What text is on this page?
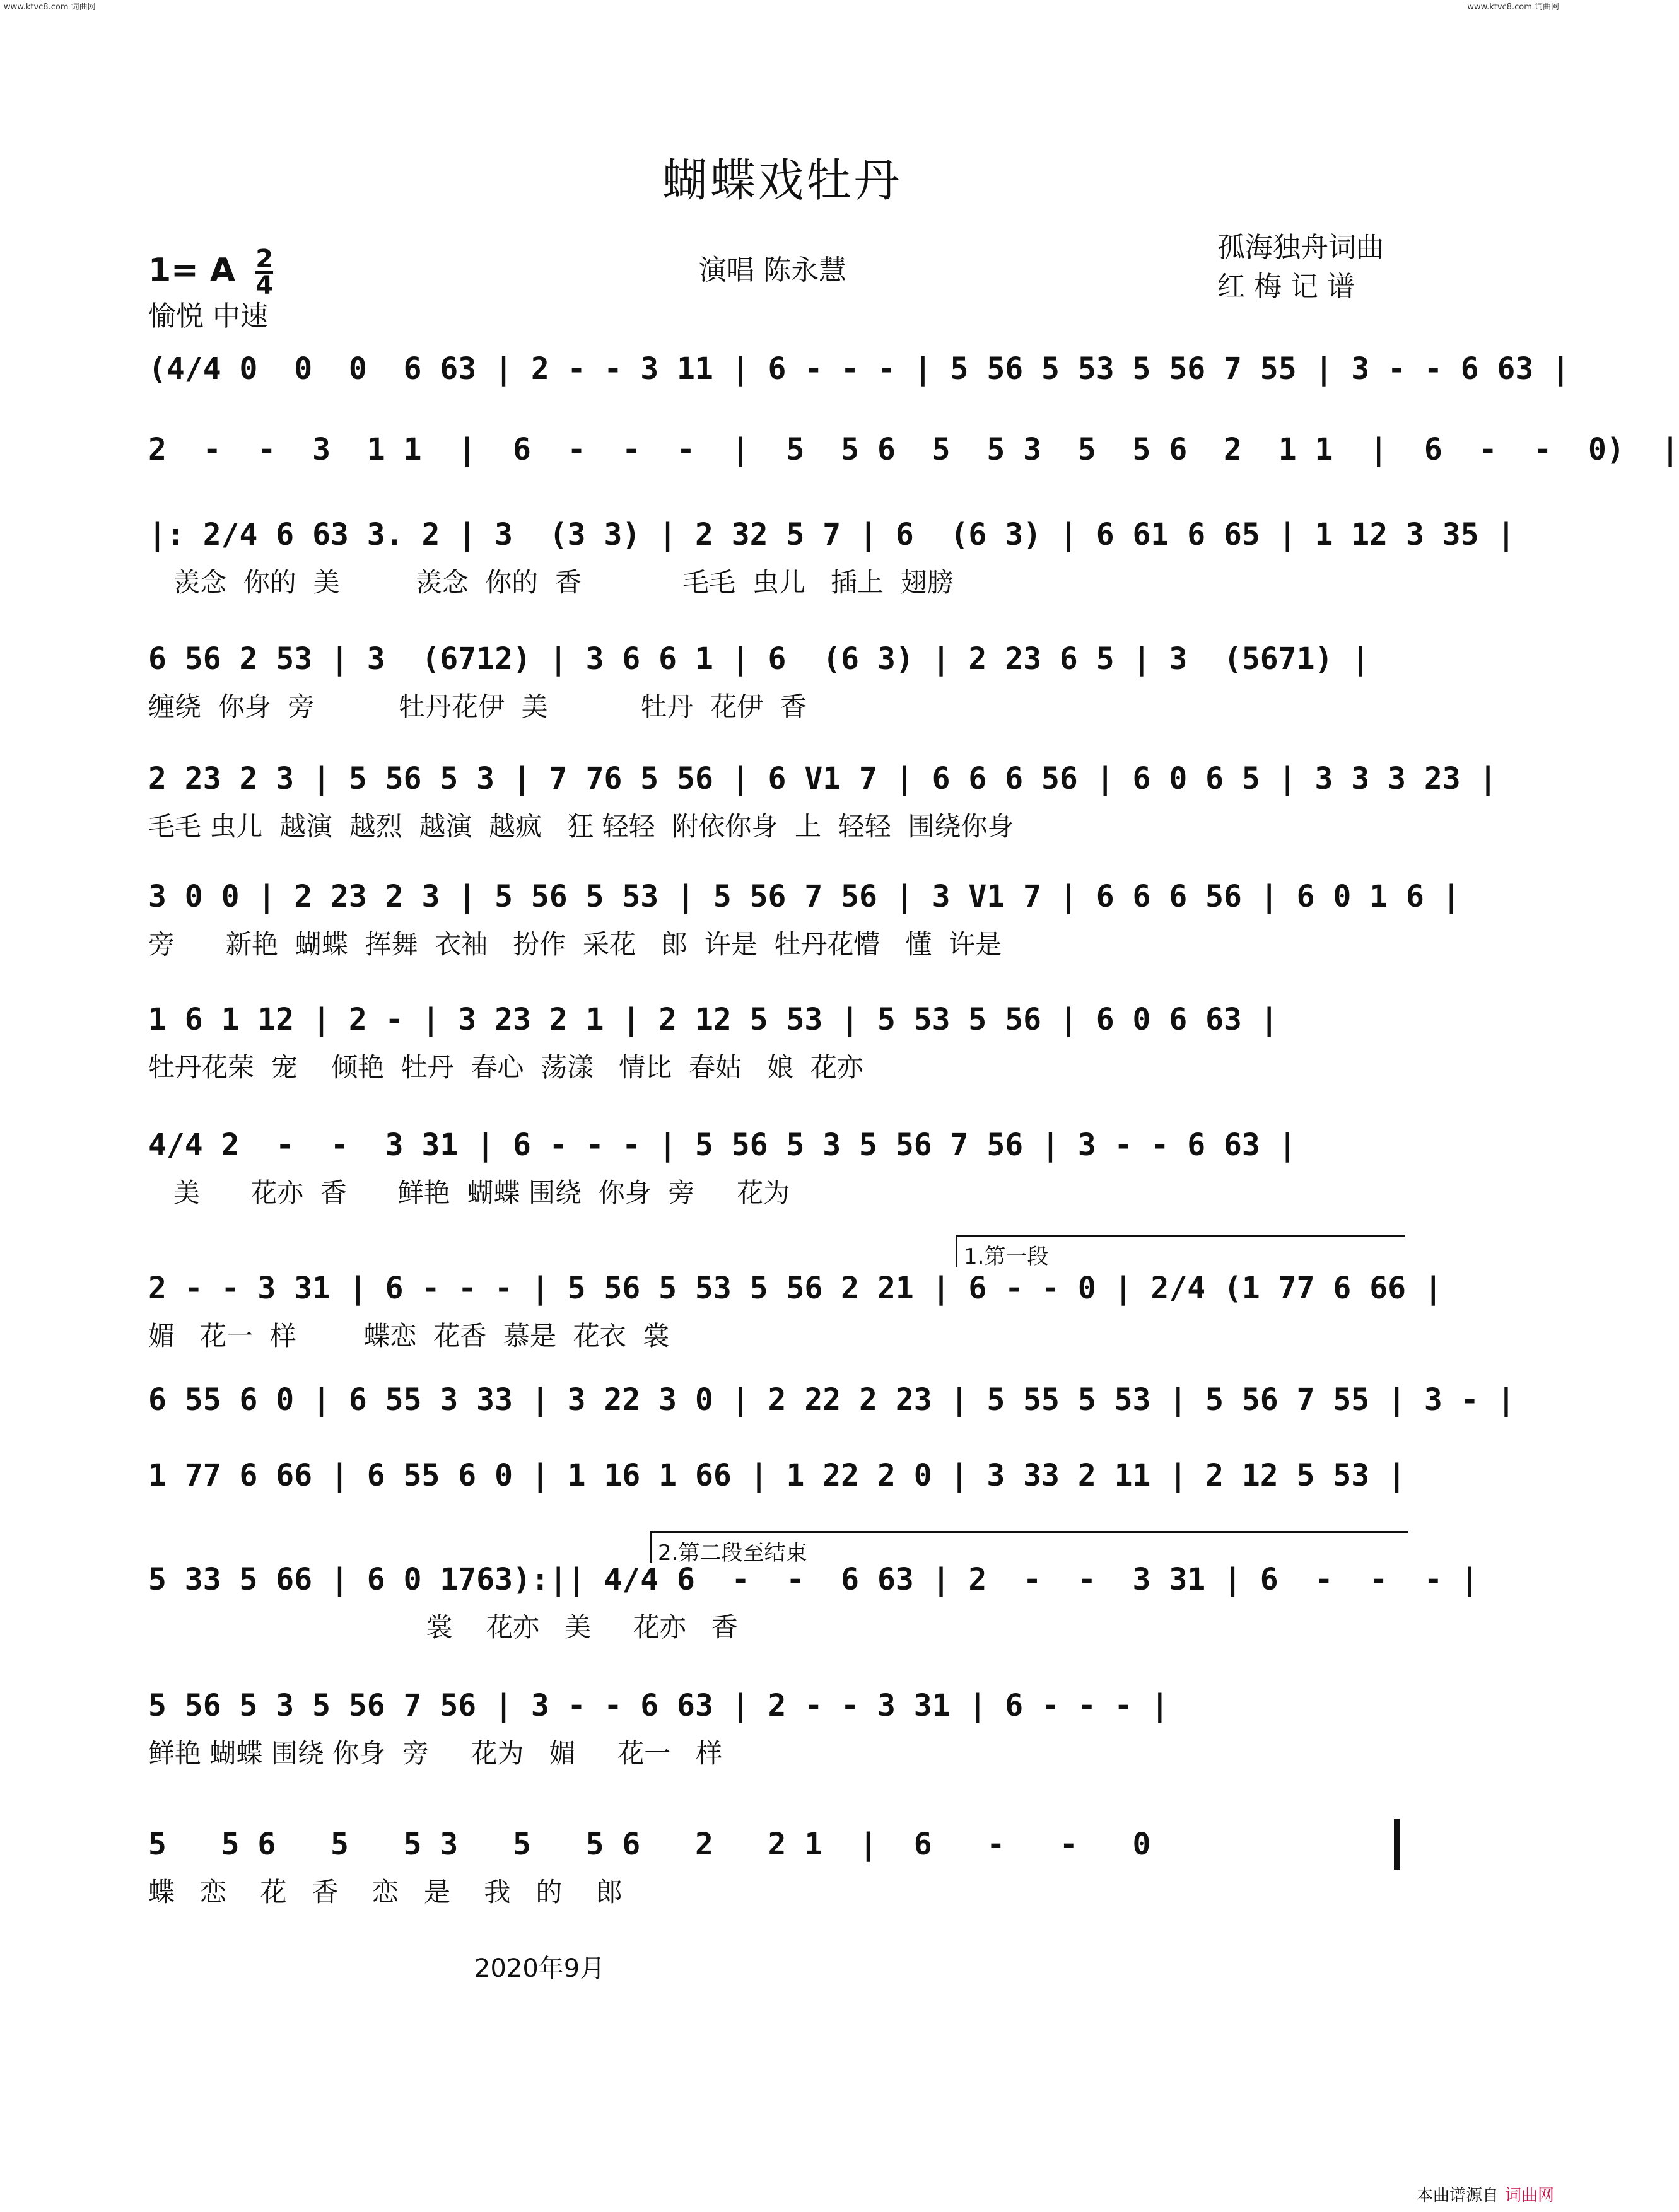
www.ktvc8.com 词曲网	www.ktvc8.com 词曲网
蝴蝶戏牡丹
1= A $\frac{2}{4}$
愉悦 中速
演唱 陈永慧
孤海独舟词曲
红 梅 记 谱
(4/4 0  0  0  6 63 | 2 - - 3 11 | 6 - - - | 5 56 5 53 5 56 7 55 | 3 - - 6 63 |
2  -  -  3  1 1  |  6  -  -  -  |  5  5 6  5  5 3  5  5 6  2  1 1  |  6  -  -  0)  |
|: 2/4 6 63 3. 2 | 3  (3 3) | 2 32 5 7 | 6  (6 3) | 6 61 6 65 | 1 12 3 35 |
羡念  你的  美         羡念  你的  香            毛毛  虫儿   插上  翅膀
6 56 2 53 | 3  (6712) | 3 6 6 1 | 6  (6 3) | 2 23 6 5 | 3  (5671) |
缠绕  你身  旁          牡丹花伊  美           牡丹  花伊  香
2 23 2 3 | 5 56 5 3 | 7 76 5 56 | 6 V1 7 | 6 6 6 56 | 6 0 6 5 | 3 3 3 23 |
毛毛 虫儿  越演  越烈  越演  越疯   狂 轻轻  附依你身  上  轻轻  围绕你身
3 0 0 | 2 23 2 3 | 5 56 5 53 | 5 56 7 56 | 3 V1 7 | 6 6 6 56 | 6 0 1 6 |
旁      新艳  蝴蝶  挥舞  衣袖   扮作  采花   郎  许是  牡丹花懵   懂  许是
1 6 1 12 | 2 - | 3 23 2 1 | 2 12 5 53 | 5 53 5 56 | 6 0 6 63 |
牡丹花荣  宠    倾艳  牡丹  春心  荡漾   情比  春姑   娘  花亦
4/4 2  -  -  3 31 | 6 - - - | 5 56 5 3 5 56 7 56 | 3 - - 6 63 |
美      花亦  香      鲜艳  蝴蝶 围绕  你身  旁     花为
1.第一段
2 - - 3 31 | 6 - - - | 5 56 5 53 5 56 2 21 | 6 - - 0 | 2/4 (1 77 6 66 |
媚   花一  样        蝶恋  花香  慕是  花衣  裳
6 55 6 0 | 6 55 3 33 | 3 22 3 0 | 2 22 2 23 | 5 55 5 53 | 5 56 7 55 | 3 - |
1 77 6 66 | 6 55 6 0 | 1 16 1 66 | 1 22 2 0 | 3 33 2 11 | 2 12 5 53 |
2.第二段至结束
5 33 5 66 | 6 0 1763):|| 4/4 6  -  -  6 63 | 2  -  -  3 31 | 6  -  -  - |
裳    花亦   美     花亦   香
5 56 5 3 5 56 7 56 | 3 - - 6 63 | 2 - - 3 31 | 6 - - - |
鲜艳 蝴蝶 围绕 你身  旁     花为   媚     花一   样
5   5 6   5   5 3   5   5 6   2   2 1  |  6   -   -   0
蝶   恋    花   香    恋   是    我   的    郎
2020年9月
本曲谱源自 词曲网
